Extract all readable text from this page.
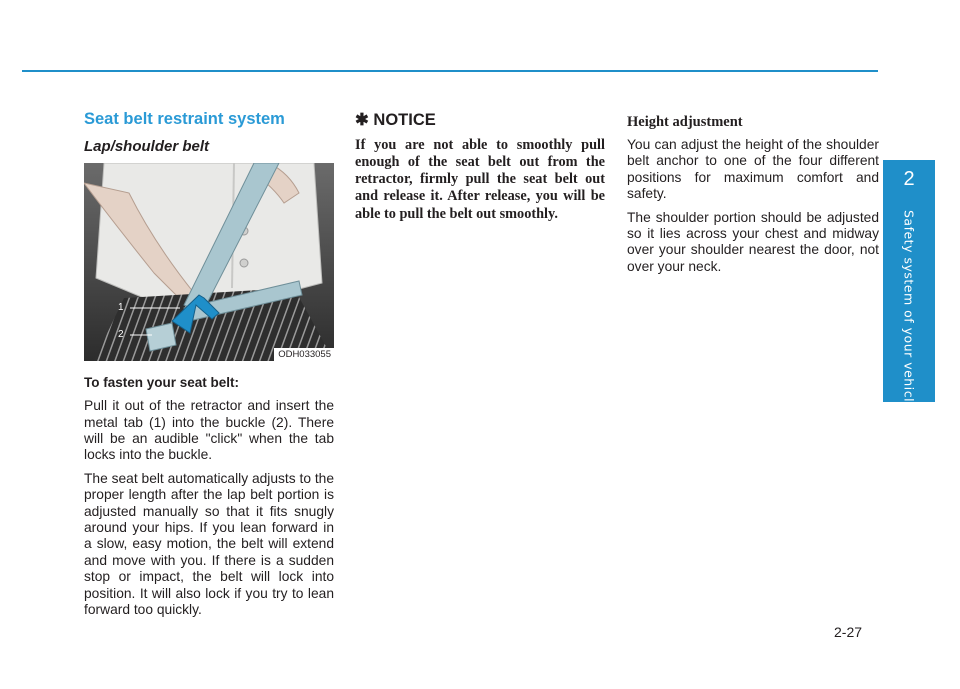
Seat belt restraint system
Lap/shoulder belt
1
2
ODH033055
To fasten your seat belt:

Pull it out of the retractor and insert the metal tab (1) into the buckle (2). There will be an audible "click" when the tab locks into the buckle.

The seat belt automatically adjusts to the proper length after the lap belt portion is adjusted manually so that it fits snugly around your hips. If you lean forward in a slow, easy motion, the belt will extend and move with you. If there is a sudden stop or impact, the belt will lock into position. It will also lock if you try to lean forward too quickly.

✱ NOTICE

If you are not able to smoothly pull enough of the seat belt out from the retractor, firmly pull the seat belt out and release it. After release, you will be able to pull the belt out smoothly.

Height adjustment

You can adjust the height of the shoulder belt anchor to one of the four different positions for maximum comfort and safety.

The shoulder portion should be adjusted so it lies across your chest and midway over your shoulder nearest the door, not over your neck.

2
Safety system of your vehicle
2-27
